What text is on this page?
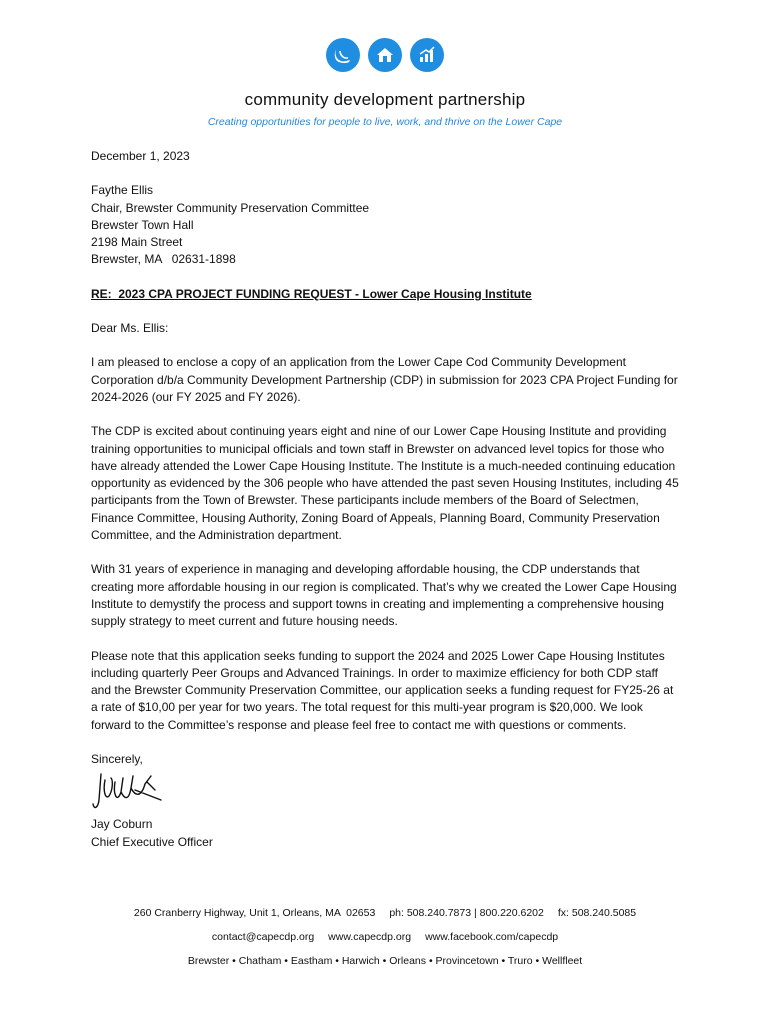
community development partnership
Creating opportunities for people to live, work, and thrive on the Lower Cape

December 1, 2023

Faythe Ellis

Chair, Brewster Community Preservation Committee

Brewster Town Hall

2198 Main Street

Brewster, MA   02631-1898

RE:  2023 CPA PROJECT FUNDING REQUEST - Lower Cape Housing Institute

Dear Ms. Ellis:

I am pleased to enclose a copy of an application from the Lower Cape Cod Community Development Corporation d/b/a Community Development Partnership (CDP) in submission for 2023 CPA Project Funding for 2024-2026 (our FY 2025 and FY 2026).

The CDP is excited about continuing years eight and nine of our Lower Cape Housing Institute and providing training opportunities to municipal officials and town staff in Brewster on advanced level topics for those who have already attended the Lower Cape Housing Institute. The Institute is a much-needed continuing education opportunity as evidenced by the 306 people who have attended the past seven Housing Institutes, including 45 participants from the Town of Brewster. These participants include members of the Board of Selectmen, Finance Committee, Housing Authority, Zoning Board of Appeals, Planning Board, Community Preservation Committee, and the Administration department.

With 31 years of experience in managing and developing affordable housing, the CDP understands that creating more affordable housing in our region is complicated. That’s why we created the Lower Cape Housing Institute to demystify the process and support towns in creating and implementing a comprehensive housing supply strategy to meet current and future housing needs.

Please note that this application seeks funding to support the 2024 and 2025 Lower Cape Housing Institutes including quarterly Peer Groups and Advanced Trainings. In order to maximize efficiency for both CDP staff and the Brewster Community Preservation Committee, our application seeks a funding request for FY25-26 at a rate of $10,00 per year for two years. The total request for this multi-year program is $20,000. We look forward to the Committee’s response and please feel free to contact me with questions or comments.

Sincerely,

Jay Coburn

Chief Executive Officer

260 Cranberry Highway, Unit 1, Orleans, MA  02653 ph: 508.240.7873 | 800.220.6202 fx: 508.240.5085
contact@capecdp.org www.capecdp.org www.facebook.com/capecdp
Brewster • Chatham • Eastham • Harwich • Orleans • Provincetown • Truro • Wellfleet
